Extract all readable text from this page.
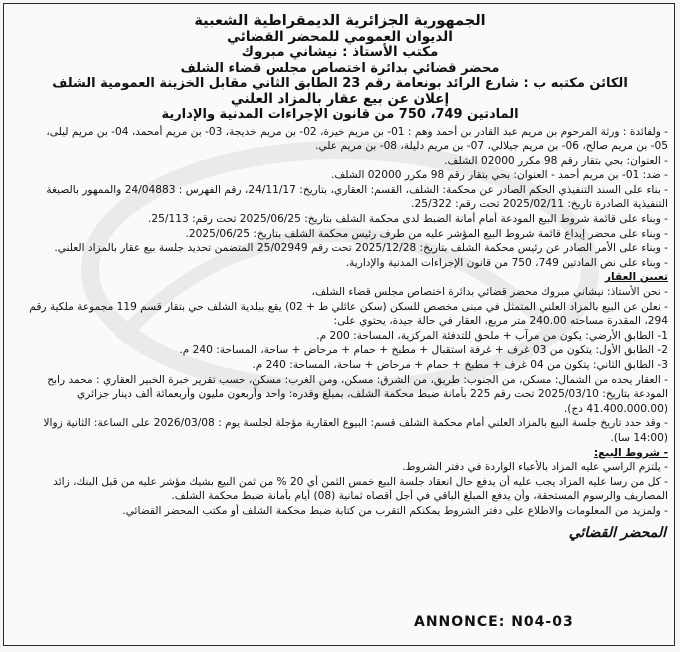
الجمهورية الجزائرية الديمقراطية الشعبية
الديوان العمومي للمحضر القضائي
مكتب الأستاذ : نيشاني مبروك
محضر قضائي بدائرة اختصاص مجلس قضاء الشلف
الكائن مكتبه ب : شارع الرائد بونعامة رقم 23 الطابق الثاني مقابل الخزينة العمومية الشلف
إعلان عن بيع عقار بالمزاد العلني
المادتين 749، 750 من قانون الإجراءات المدنية والإدارية
- ولفائدة : ورثة المرحوم بن مريم عبد القادر بن أحمد وهم : 01- بن مريم خيرة، 02- بن مريم خديجة، 03- بن مريم أمحمد، 04- بن مريم ليلى،
05- بن مريم صالح، 06- بن مريم جيلالي، 07- بن مريم دليلة، 08- بن مريم علي.
- العنوان: بحي بتقار رقم 98 مكرر 02000 الشلف.
- ضد: 01- بن مريم أحمد - العنوان: بحي بتقار رقم 98 مكرر 02000 الشلف.
- بناء على السند التنفيذي الحكم الصادر عن محكمة: الشلف، القسم: العقاري، بتاريخ: 24/11/17، رقم الفهرس : 24/04883 والممهور بالصيغة
التنفيذية الصادرة تاريخ: 2025/02/11 تحت رقم: 25/322.
- وبناء على قائمة شروط البيع المودعة أمام أمانة الضبط لدى محكمة الشلف بتاريخ: 2025/06/25 تحت رقم: 25/113.
- وبناء على محضر إيداع قائمة شروط البيع المؤشر عليه من طرف رئيس محكمة الشلف بتاريخ: 2025/06/25.
- وبناء على الأمر الصادر عن رئيس محكمة الشلف بتاريخ: 2025/12/28 تحت رقم 25/02949 المتضمن تحديد جلسة بيع عقار بالمزاد العلني.
- وبناء على نص المادتين 749، 750 من قانون الإجراءات المدنية والإدارية.
تعيين العقار
- نحن الأستاذ: نيشاني مبروك محضر قضائي بدائرة اختصاص مجلس قضاء الشلف،
- نعلن عن البيع بالمزاد العلني المتمثل في مبنى مخصص للسكن (سكن عائلي ط + 02) يقع ببلدية الشلف حي بتقار قسم 119 مجموعة ملكية رقم
294، المقدرة مساحته 240.00 متر مربع، العقار في حالة جيدة، يحتوي على:
1- الطابق الأرضي: يكون من مرآب + ملحق للتدفئة المركزية، المساحة: 200 م.
2- الطابق الأول: يتكون من 03 غرف + غرفة استقبال + مطبخ + حمام + مرحاض + ساحة، المساحة: 240 م.
3- الطابق الثاني: يتكون من 04 غرف + مطبخ + حمام + مرحاض + ساحة، المساحة: 240 م.
- العقار يحده من الشمال: مسكن، من الجنوب: طريق، من الشرق: مسكن، ومن الغرب: مسكن، حسب تقرير خبرة الخبير العقاري : محمد رابح
المودعة بتاريخ: 2025/03/10 تحت رقم 225 بأمانة ضبط محكمة الشلف، بمبلغ وقدره: واحد وأربعون مليون وأربعمائة ألف دينار جزائري
(41.400.000.00 دج).
- وقد حدد تاريخ جلسة البيع بالمزاد العلني أمام محكمة الشلف قسم: البيوع العقارية مؤجلة لجلسة يوم : 2026/03/08 على الساعة: الثانية زوالا
(14:00 سا).
- شروط البيع:
- يلتزم الراسي عليه المزاد بالأعباء الواردة في دفتر الشروط.
- كل من رسا عليه المزاد يجب عليه أن يدفع حال انعقاد جلسة البيع خمس الثمن أي 20 % من ثمن البيع بشيك مؤشر عليه من قبل البنك، زائد
المصاريف والرسوم المستحقة، وأن يدفع المبلغ الباقي في أجل أقصاه ثمانية (08) أيام بأمانة ضبط محكمة الشلف.
- ولمزيد من المعلومات والاطلاع على دفتر الشروط يمكنكم التقرب من كتابة ضبط محكمة الشلف أو مكتب المحضر القضائي.
المحضر القضائي
ANNONCE: N04-03
